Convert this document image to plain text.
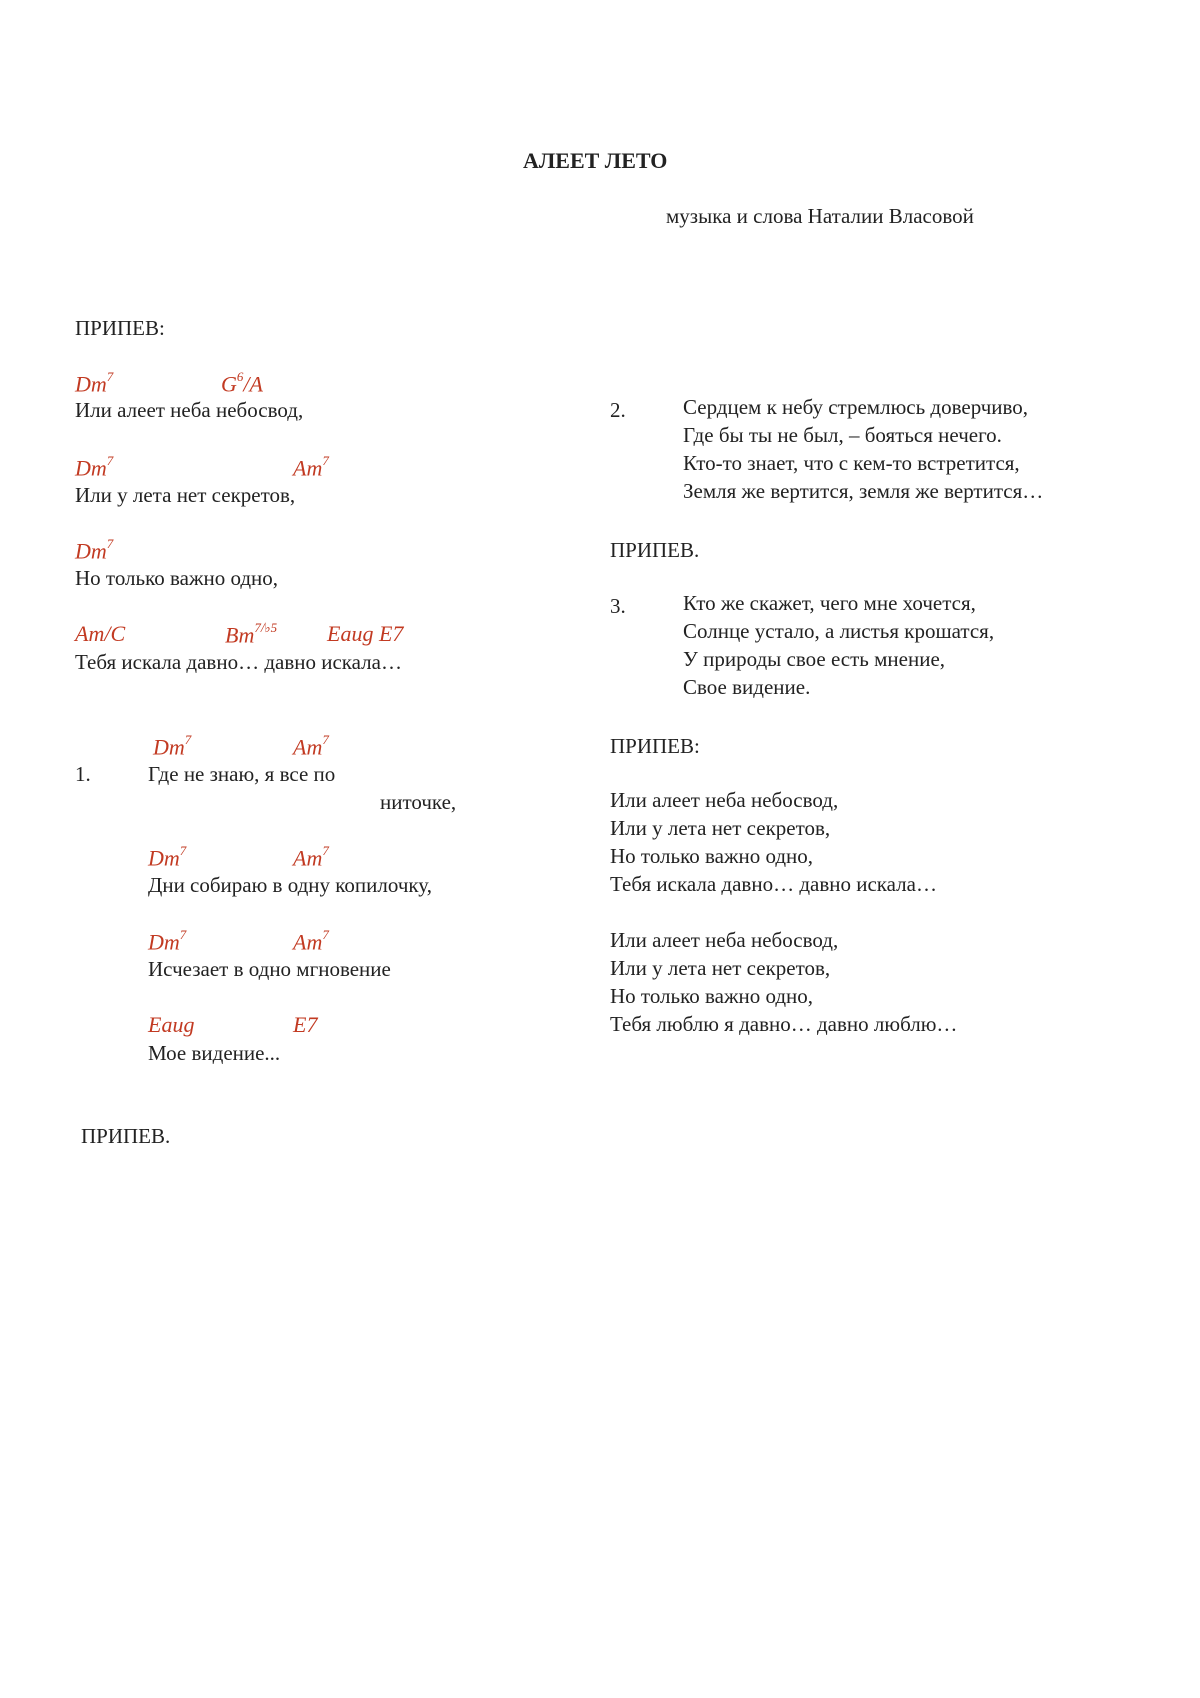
АЛЕЕТ ЛЕТО
музыка и слова Наталии Власовой
ПРИПЕВ:
Dm$^7$	$G^6/A$
Или алеет неба небосвод,
Dm$^7$	Am$^7$
Или у лета нет секретов,
Dm$^7$
Но только важно одно,
Am/C	$Bm^{7/♭5}$ Eaug E7
Тебя искала давно… давно искала…
Dm$^7$	Am$^7$
1.	Где не знаю, я все по
ниточке,
Dm$^7$	Am$^7$
Дни собираю в одну копилочку,
Dm$^7$	Am$^7$
Исчезает в одно мгновение
Eaug	E7
Мое видение...
ПРИПЕВ.
2.	Сердцем к небу стремлюсь доверчиво,
Где бы ты не был, – бояться нечего.
Кто-то знает, что с кем-то встретится,
Земля же вертится, земля же вертится…
ПРИПЕВ.
3.	Кто же скажет, чего мне хочется,
Солнце устало, а листья крошатся,
У природы свое есть мнение,
Свое видение.
ПРИПЕВ:
Или алеет неба небосвод,
Или у лета нет секретов,
Но только важно одно,
Тебя искала давно… давно искала…
Или алеет неба небосвод,
Или у лета нет секретов,
Но только важно одно,
Тебя люблю я давно… давно люблю…
